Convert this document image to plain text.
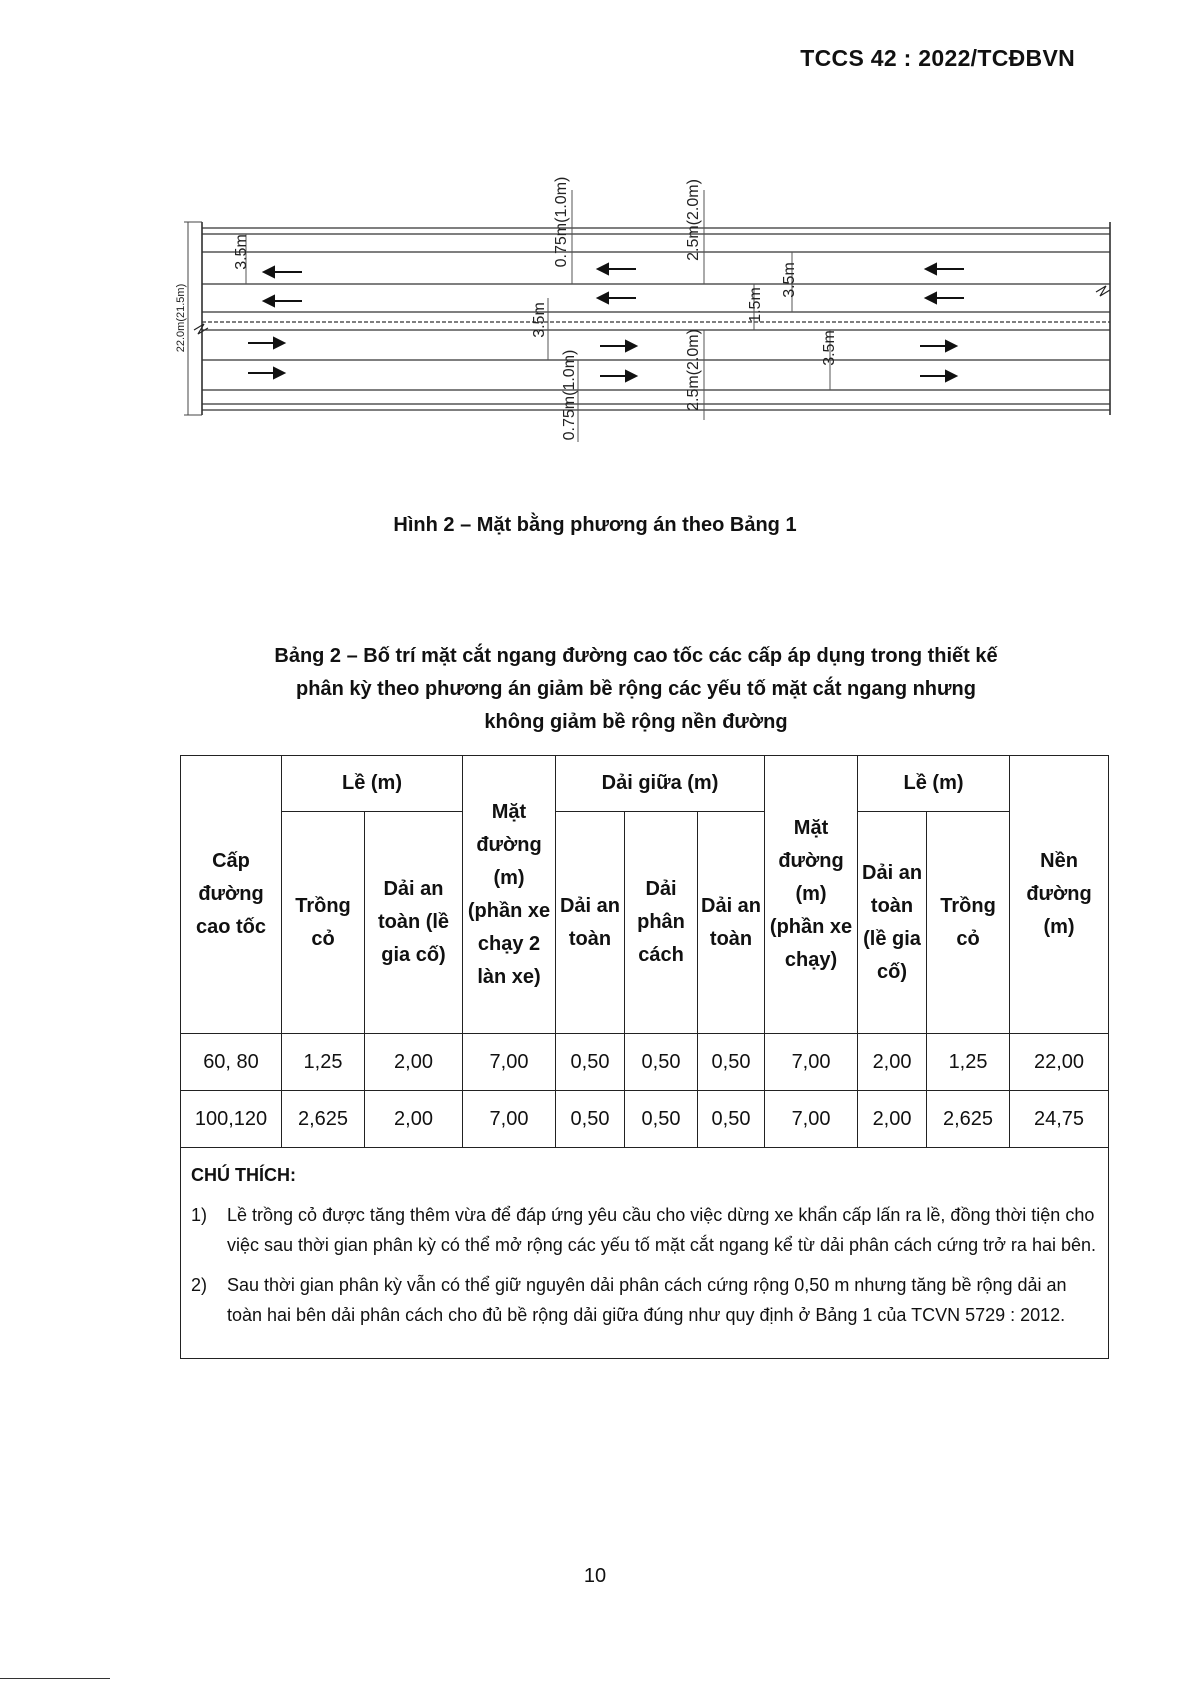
TCCS 42 : 2022/TCĐBVN
22.0m(21.5m)
3.5m	0.75m(1.0m)	2.5m(2.0m)
1.5m
3.5m
3.5m
0.75m(1.0m)	2.5m(2.0m)	3.5m
Hình 2 – Mặt bằng phương án theo Bảng 1
Bảng 2 – Bố trí mặt cắt ngang đường cao tốc các cấp áp dụng trong thiết kế
phân kỳ theo phương án giảm bề rộng các yếu tố mặt cắt ngang nhưng
không giảm bề rộng nền đường
Cấp đường cao tốc	Lề (m)		Mặt đường (m) (phần xe chạy 2 làn xe)	Dải giữa (m)			Mặt đường (m) (phần xe chạy)	Lề (m)		Nền đường (m)
	Trồng cỏ	Dải an toàn (lề gia cố)		Dải an toàn	Dải phân cách	Dải an toàn		Dải an toàn (lề gia cố)	Trồng cỏ	
60, 80	1,25	2,00	7,00	0,50	0,50	0,50	7,00	2,00	1,25	22,00
100,120	2,625	2,00	7,00	0,50	0,50	0,50	7,00	2,00	2,625	24,75

CHÚ THÍCH:
1) Lề trồng cỏ được tăng thêm vừa để đáp ứng yêu cầu cho việc dừng xe khẩn cấp lấn ra lề, đồng thời tiện cho việc sau thời gian phân kỳ có thể mở rộng các yếu tố mặt cắt ngang kể từ dải phân cách cứng trở ra hai bên.
2) Sau thời gian phân kỳ vẫn có thể giữ nguyên dải phân cách cứng rộng 0,50 m nhưng tăng bề rộng dải an toàn hai bên dải phân cách cho đủ bề rộng dải giữa đúng như quy định ở Bảng 1 của TCVN 5729 : 2012.										
10
